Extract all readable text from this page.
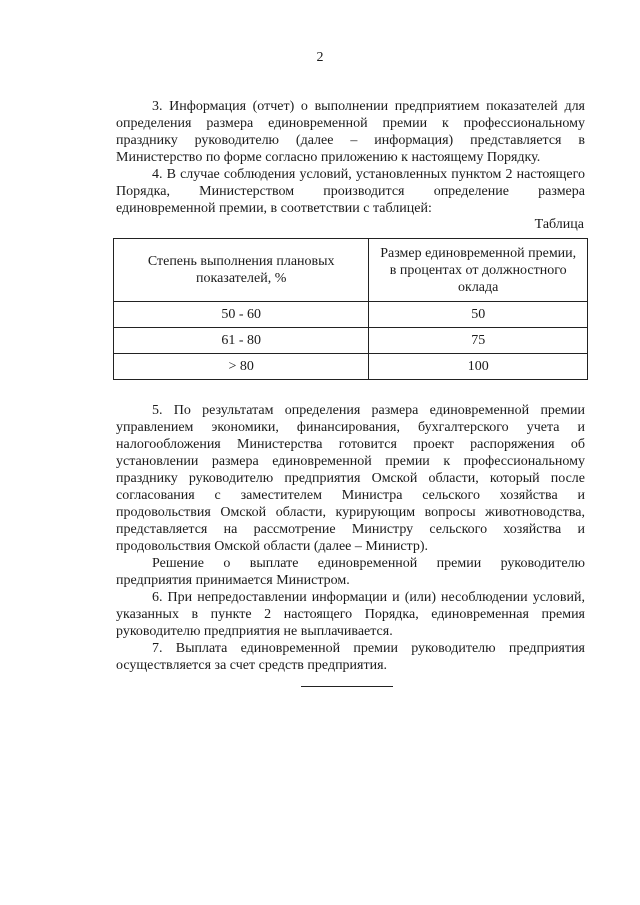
2

3. Информация (отчет) о выполнении предприятием показателей для определения размера единовременной премии к профессиональному празднику руководителю (далее – информация) представляется в Министерство по форме согласно приложению к настоящему Порядку.

4. В случае соблюдения условий, установленных пунктом 2 настоящего Порядка, Министерством производится определение размера единовременной премии, в соответствии с таблицей:

Таблица
Степень выполнения плановых показателей, %	Размер единовременной премии, в процентах от должностного оклада
50 - 60	50
61 - 80	75
> 80	100

5. По результатам определения размера единовременной премии управлением экономики, финансирования, бухгалтерского учета и налогообложения Министерства готовится проект распоряжения об установлении размера единовременной премии к профессиональному празднику руководителю предприятия Омской области, который после согласования с заместителем Министра сельского хозяйства и продовольствия Омской области, курирующим вопросы животноводства, представляется на рассмотрение Министру сельского хозяйства и продовольствия Омской области (далее – Министр).

Решение о выплате единовременной премии руководителю предприятия принимается Министром.

6. При непредоставлении информации и (или) несоблюдении условий, указанных в пункте 2 настоящего Порядка, единовременная премия руководителю предприятия не выплачивается.

7. Выплата единовременной премии руководителю предприятия осуществляется за счет средств предприятия.
